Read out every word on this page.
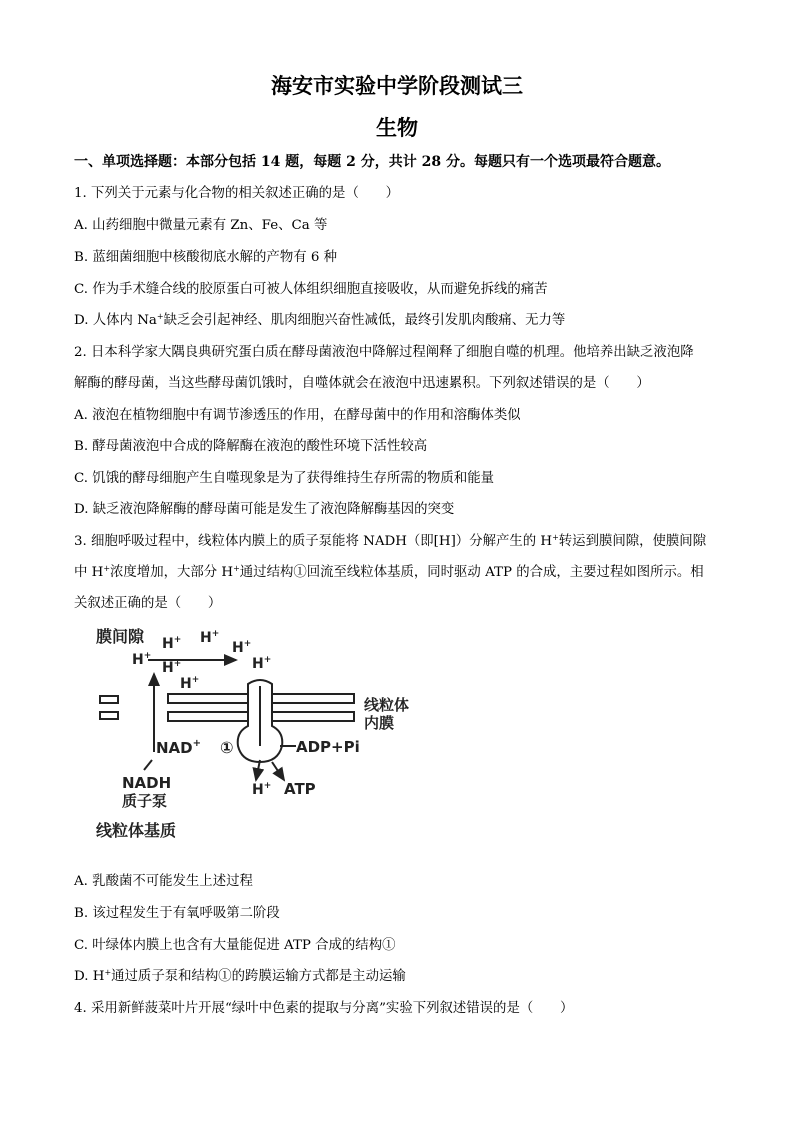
海安市实验中学阶段测试三
生物
一、单项选择题：本部分包括 14 题，每题 2 分，共计 28 分。每题只有一个选项最符合题意。
1. 下列关于元素与化合物的相关叙述正确的是（　　）
A. 山药细胞中微量元素有 Zn、Fe、Ca 等
B. 蓝细菌细胞中核酸彻底水解的产物有 6 种
C. 作为手术缝合线的胶原蛋白可被人体组织细胞直接吸收，从而避免拆线的痛苦
D. 人体内 Na+缺乏会引起神经、肌肉细胞兴奋性减低，最终引发肌肉酸痛、无力等
2. 日本科学家大隅良典研究蛋白质在酵母菌液泡中降解过程阐释了细胞自噬的机理。他培养出缺乏液泡降
解酶的酵母菌，当这些酵母菌饥饿时，自噬体就会在液泡中迅速累积。下列叙述错误的是（　　）
A. 液泡在植物细胞中有调节渗透压的作用，在酵母菌中的作用和溶酶体类似
B. 酵母菌液泡中合成的降解酶在液泡的酸性环境下活性较高
C. 饥饿的酵母细胞产生自噬现象是为了获得维持生存所需的物质和能量
D. 缺乏液泡降解酶的酵母菌可能是发生了液泡降解酶基因的突变
3. 细胞呼吸过程中，线粒体内膜上的质子泵能将 NADH（即[H]）分解产生的 H+转运到膜间隙，使膜间隙
中 H+浓度增加，大部分 H+通过结构①回流至线粒体基质，同时驱动 ATP 的合成，主要过程如图所示。相
关叙述正确的是（　　）
膜间隙 H+ H+
H+
H+
H+
H+
H+
线粒体
内膜
NAD+ ①	ADP+Pi
H+ ATP
NADH
质子泵
线粒体基质
A. 乳酸菌不可能发生上述过程
B. 该过程发生于有氧呼吸第二阶段
C. 叶绿体内膜上也含有大量能促进 ATP 合成的结构①
D. H+通过质子泵和结构①的跨膜运输方式都是主动运输
4. 采用新鲜菠菜叶片开展“绿叶中色素的提取与分离”实验下列叙述错误的是（　　）
